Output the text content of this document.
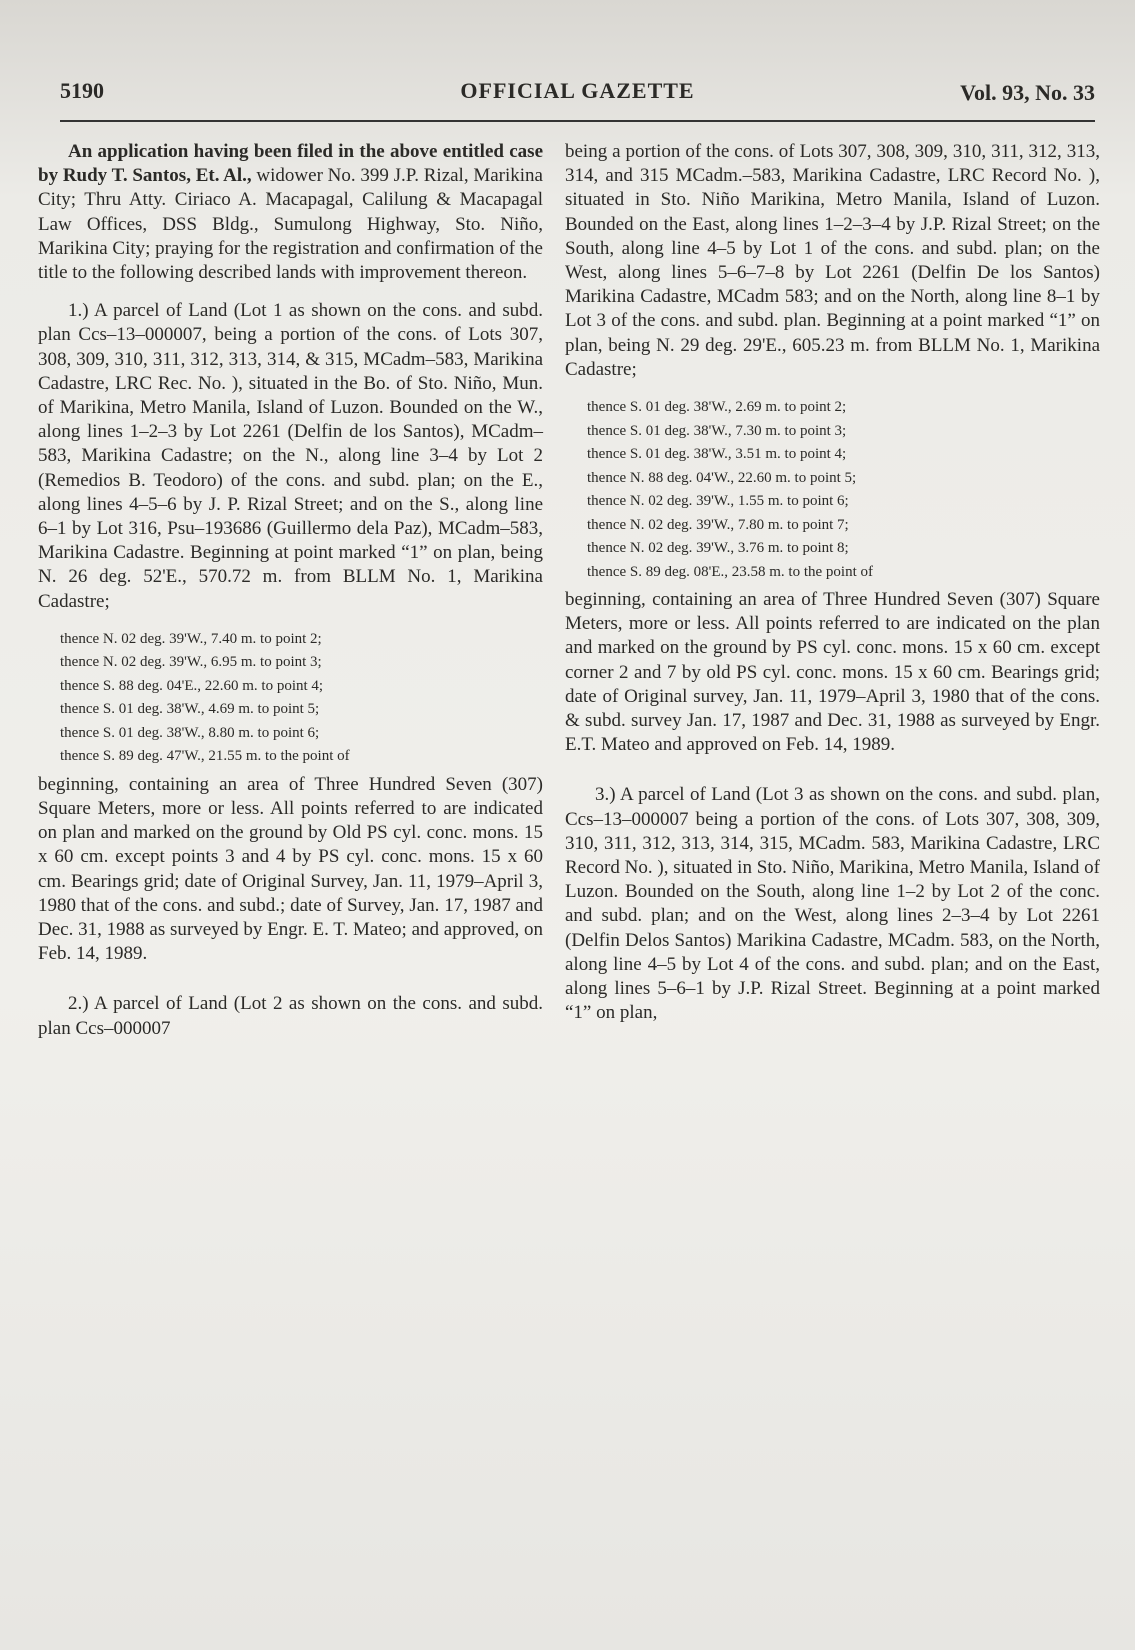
5190	OFFICIAL GAZETTE	Vol. 93, No. 33

An application having been filed in the above entitled case by Rudy T. Santos, Et. Al., widower No. 399 J.P. Rizal, Marikina City; Thru Atty. Ciriaco A. Macapagal, Calilung & Macapagal Law Offices, DSS Bldg., Sumulong Highway, Sto. Niño, Marikina City; praying for the registration and confirmation of the title to the following described lands with improvement thereon.

1.) A parcel of Land (Lot 1 as shown on the cons. and subd. plan Ccs–13–000007, being a portion of the cons. of Lots 307, 308, 309, 310, 311, 312, 313, 314, & 315, MCadm–583, Marikina Cadastre, LRC Rec. No. ), situated in the Bo. of Sto. Niño, Mun. of Marikina, Metro Manila, Island of Luzon. Bounded on the W., along lines 1–2–3 by Lot 2261 (Delfin de los Santos), MCadm–583, Marikina Cadastre; on the N., along line 3–4 by Lot 2 (Remedios B. Teodoro) of the cons. and subd. plan; on the E., along lines 4–5–6 by J. P. Rizal Street; and on the S., along line 6–1 by Lot 316, Psu–193686 (Guillermo dela Paz), MCadm–583, Marikina Cadastre. Beginning at point marked “1” on plan, being N. 26 deg. 52'E., 570.72 m. from BLLM No. 1, Marikina Cadastre;

thence N. 02 deg. 39'W., 7.40 m. to point 2;
thence N. 02 deg. 39'W., 6.95 m. to point 3;
thence S. 88 deg. 04'E., 22.60 m. to point 4;
thence S. 01 deg. 38'W., 4.69 m. to point 5;
thence S. 01 deg. 38'W., 8.80 m. to point 6;
thence S. 89 deg. 47'W., 21.55 m. to the point of

beginning, containing an area of Three Hundred Seven (307) Square Meters, more or less. All points referred to are indicated on plan and marked on the ground by Old PS cyl. conc. mons. 15 x 60 cm. except points 3 and 4 by PS cyl. conc. mons. 15 x 60 cm. Bearings grid; date of Original Survey, Jan. 11, 1979–April 3, 1980 that of the cons. and subd.; date of Survey, Jan. 17, 1987 and Dec. 31, 1988 as surveyed by Engr. E. T. Mateo; and approved, on Feb. 14, 1989.

2.) A parcel of Land (Lot 2 as shown on the cons. and subd. plan Ccs–000007

being a portion of the cons. of Lots 307, 308, 309, 310, 311, 312, 313, 314, and 315 MCadm.–583, Marikina Cadastre, LRC Record No. ), situated in Sto. Niño Marikina, Metro Manila, Island of Luzon. Bounded on the East, along lines 1–2–3–4 by J.P. Rizal Street; on the South, along line 4–5 by Lot 1 of the cons. and subd. plan; on the West, along lines 5–6–7–8 by Lot 2261 (Delfin De los Santos) Marikina Cadastre, MCadm 583; and on the North, along line 8–1 by Lot 3 of the cons. and subd. plan. Beginning at a point marked “1” on plan, being N. 29 deg. 29'E., 605.23 m. from BLLM No. 1, Marikina Cadastre;

thence S. 01 deg. 38'W., 2.69 m. to point 2;
thence S. 01 deg. 38'W., 7.30 m. to point 3;
thence S. 01 deg. 38'W., 3.51 m. to point 4;
thence N. 88 deg. 04'W., 22.60 m. to point 5;
thence N. 02 deg. 39'W., 1.55 m. to point 6;
thence N. 02 deg. 39'W., 7.80 m. to point 7;
thence N. 02 deg. 39'W., 3.76 m. to point 8;
thence S. 89 deg. 08'E., 23.58 m. to the point of

beginning, containing an area of Three Hundred Seven (307) Square Meters, more or less. All points referred to are indicated on the plan and marked on the ground by PS cyl. conc. mons. 15 x 60 cm. except corner 2 and 7 by old PS cyl. conc. mons. 15 x 60 cm. Bearings grid; date of Original survey, Jan. 11, 1979–April 3, 1980 that of the cons. & subd. survey Jan. 17, 1987 and Dec. 31, 1988 as surveyed by Engr. E.T. Mateo and approved on Feb. 14, 1989.

3.) A parcel of Land (Lot 3 as shown on the cons. and subd. plan, Ccs–13–000007 being a portion of the cons. of Lots 307, 308, 309, 310, 311, 312, 313, 314, 315, MCadm. 583, Marikina Cadastre, LRC Record No. ), situated in Sto. Niño, Marikina, Metro Manila, Island of Luzon. Bounded on the South, along line 1–2 by Lot 2 of the conc. and subd. plan; and on the West, along lines 2–3–4 by Lot 2261 (Delfin Delos Santos) Marikina Cadastre, MCadm. 583, on the North, along line 4–5 by Lot 4 of the cons. and subd. plan; and on the East, along lines 5–6–1 by J.P. Rizal Street. Beginning at a point marked “1” on plan,
